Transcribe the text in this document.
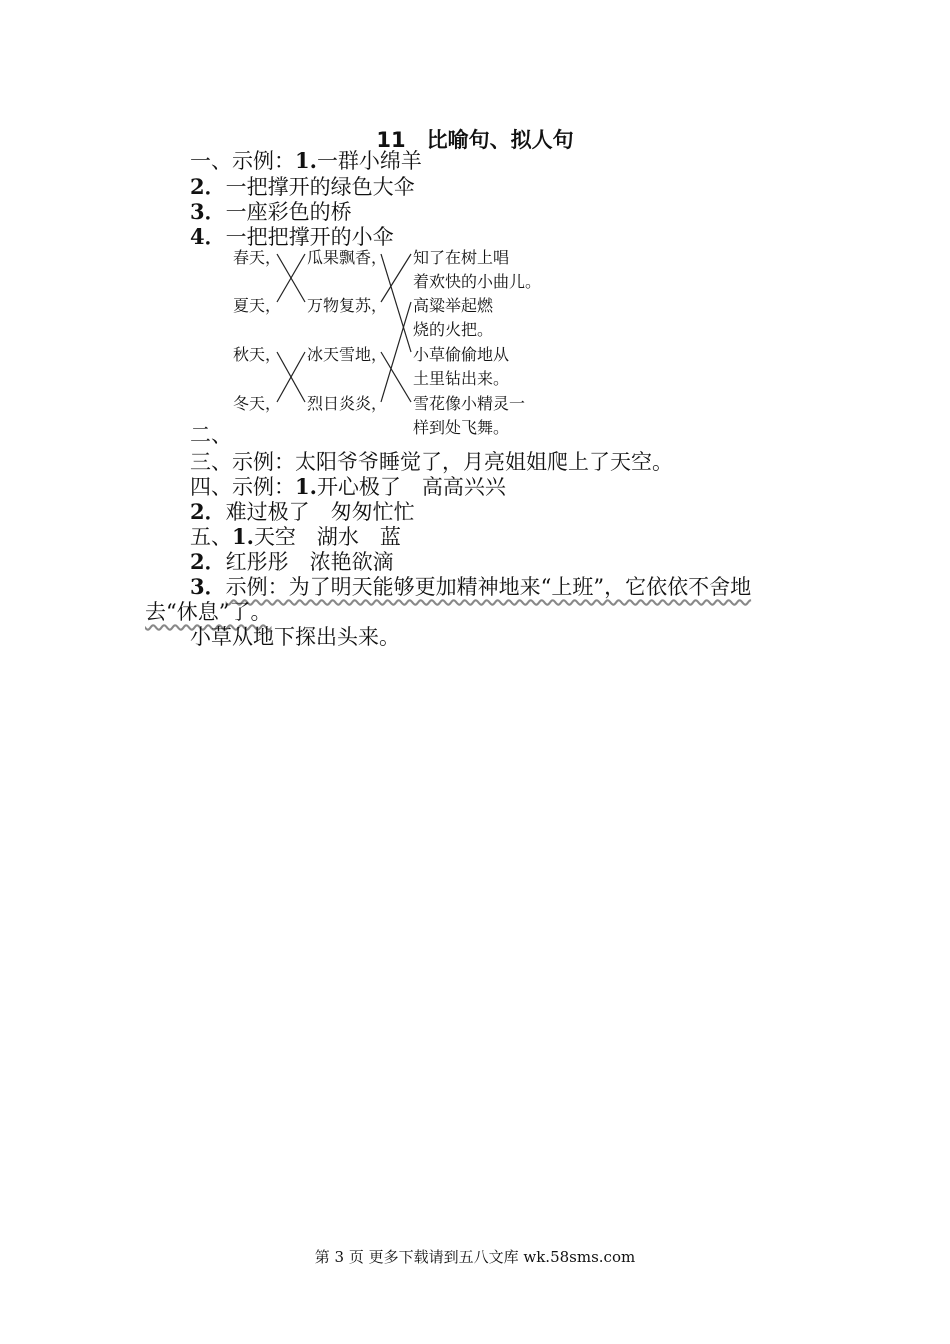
11　比喻句、拟人句
一、示例：1.一群小绵羊
2．一把撑开的绿色大伞
3．一座彩色的桥
4．一把把撑开的小伞
春天，
夏天，
秋天，
冬天，
瓜果飘香，
万物复苏，
冰天雪地，
烈日炎炎，
知了在树上唱
着欢快的小曲儿。
高粱举起燃
烧的火把。
小草偷偷地从
土里钻出来。
雪花像小精灵一
样到处飞舞。
二、
三、示例：太阳爷爷睡觉了，月亮姐姐爬上了天空。
四、示例：1.开心极了　高高兴兴
2．难过极了　匆匆忙忙
五、1.天空　湖水　蓝
2．红彤彤　浓艳欲滴
3．示例：为了明天能够更加精神地来“上班”，它依依不舍地
去“休息”了。
小草从地下探出头来。
第 3 页 更多下载请到五八文库 wk.58sms.com
